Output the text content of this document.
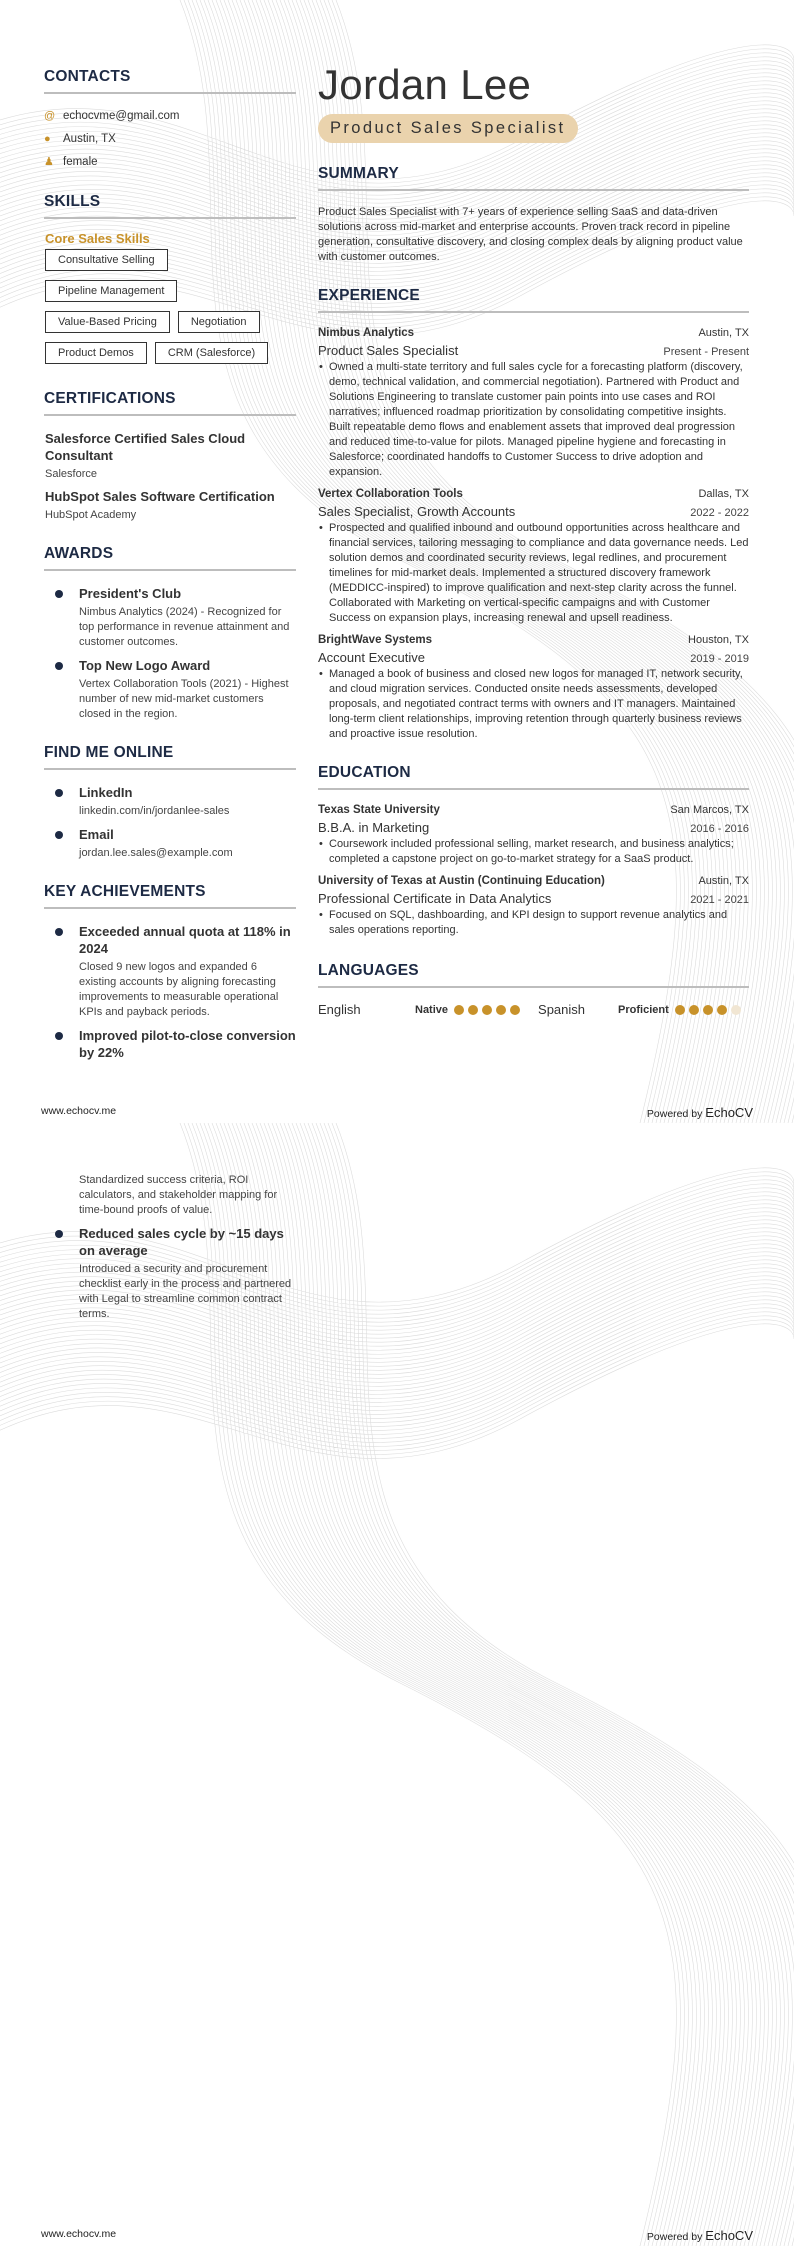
CONTACTS
@ echocvme@gmail.com
●	Austin, TX
♟ female
SKILLS
Core Sales Skills
Consultative Selling
Pipeline Management
Value-Based Pricing	Negotiation
Product Demos	CRM (Salesforce)
CERTIFICATIONS
Salesforce Certified Sales Cloud Consultant
Salesforce
HubSpot Sales Software Certification
HubSpot Academy
AWARDS
President's Club
Nimbus Analytics (2024) - Recognized for top performance in revenue attainment and customer outcomes.
Top New Logo Award
Vertex Collaboration Tools (2021) - Highest number of new mid-market customers closed in the region.
FIND ME ONLINE
LinkedIn
linkedin.com/in/jordanlee-sales
Email
jordan.lee.sales@example.com
KEY ACHIEVEMENTS
Exceeded annual quota at 118% in 2024
Closed 9 new logos and expanded 6 existing accounts by aligning forecasting improvements to measurable operational KPIs and payback periods.
Improved pilot-to-close conversion by 22%
Jordan Lee
Product Sales Specialist
SUMMARY

Product Sales Specialist with 7+ years of experience selling SaaS and data-driven solutions across mid-market and enterprise accounts. Proven track record in pipeline generation, consultative discovery, and closing complex deals by aligning product value with customer outcomes.

EXPERIENCE
Nimbus Analytics	Austin, TX
Product Sales Specialist	Present - Present
• Owned a multi-state territory and full sales cycle for a forecasting platform (discovery, demo, technical validation, and commercial negotiation). Partnered with Product and Solutions Engineering to translate customer pain points into use cases and ROI narratives; influenced roadmap prioritization by consolidating competitive insights. Built repeatable demo flows and enablement assets that improved deal progression and reduced time-to-value for pilots. Managed pipeline hygiene and forecasting in Salesforce; coordinated handoffs to Customer Success to drive adoption and expansion.
Vertex Collaboration Tools	Dallas, TX
Sales Specialist, Growth Accounts	2022 - 2022
• Prospected and qualified inbound and outbound opportunities across healthcare and financial services, tailoring messaging to compliance and data governance needs. Led solution demos and coordinated security reviews, legal redlines, and procurement timelines for mid-market deals. Implemented a structured discovery framework (MEDDICC-inspired) to improve qualification and next-step clarity across the funnel. Collaborated with Marketing on vertical-specific campaigns and with Customer Success on expansion plays, increasing renewal and upsell readiness.
BrightWave Systems	Houston, TX
Account Executive	2019 - 2019
• Managed a book of business and closed new logos for managed IT, network security, and cloud migration services. Conducted onsite needs assessments, developed proposals, and negotiated contract terms with owners and IT managers. Maintained long-term client relationships, improving retention through quarterly business reviews and proactive issue resolution.
EDUCATION
Texas State University	San Marcos, TX
B.B.A. in Marketing	2016 - 2016
• Coursework included professional selling, market research, and business analytics; completed a capstone project on go-to-market strategy for a SaaS product.
University of Texas at Austin (Continuing Education)	Austin, TX
Professional Certificate in Data Analytics	2021 - 2021
• Focused on SQL, dashboarding, and KPI design to support revenue analytics and sales operations reporting.
LANGUAGES
English	Native	Spanish	Proficient
www.echocv.me	Powered by EchoCV
Standardized success criteria, ROI calculators, and stakeholder mapping for time-bound proofs of value.
Reduced sales cycle by ~15 days on average
Introduced a security and procurement checklist early in the process and partnered with Legal to streamline common contract terms.
www.echocv.me	Powered by EchoCV
